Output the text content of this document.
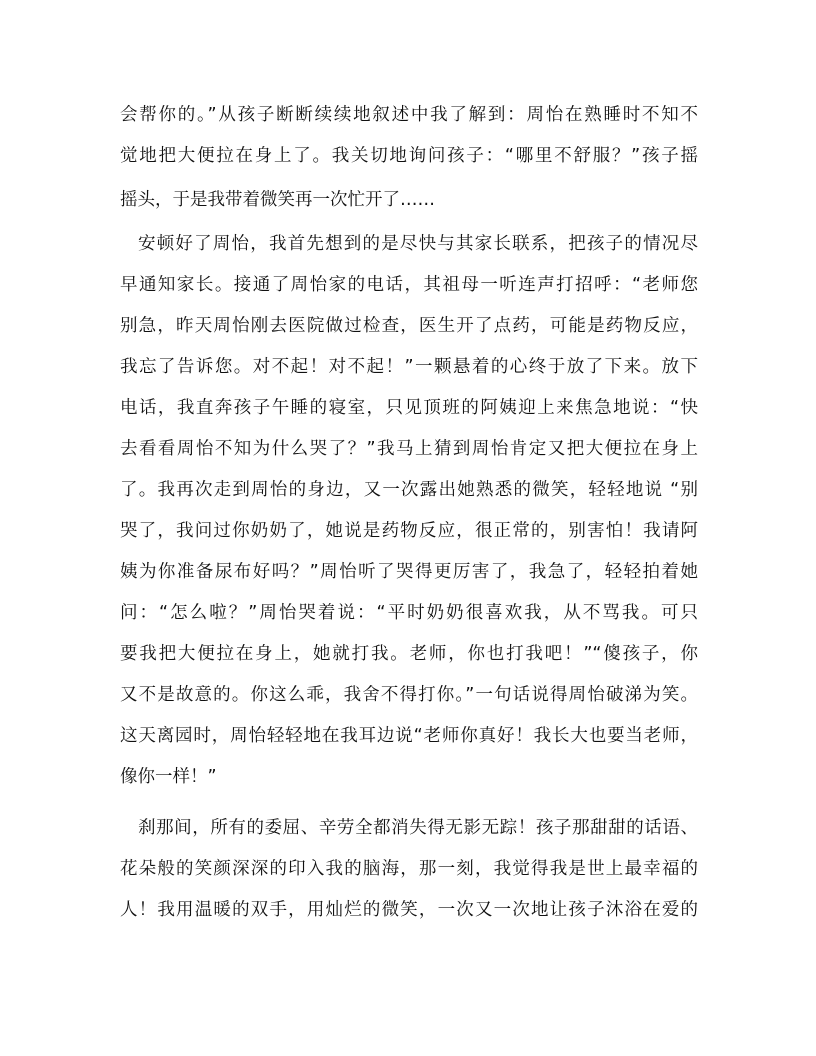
会帮你的。”从孩子断断续续地叙述中我了解到：周怡在熟睡时不知不
觉地把大便拉在身上了。我关切地询问孩子：“哪里不舒服？”孩子摇
摇头，于是我带着微笑再一次忙开了……
安顿好了周怡，我首先想到的是尽快与其家长联系，把孩子的情况尽
早通知家长。接通了周怡家的电话，其祖母一听连声打招呼：“老师您
别急，昨天周怡刚去医院做过检查，医生开了点药，可能是药物反应，
我忘了告诉您。对不起！对不起！”一颗悬着的心终于放了下来。放下
电话，我直奔孩子午睡的寝室，只见顶班的阿姨迎上来焦急地说：“快
去看看周怡不知为什么哭了？”我马上猜到周怡肯定又把大便拉在身上
了。我再次走到周怡的身边，又一次露出她熟悉的微笑，轻轻地说 “别
哭了，我问过你奶奶了，她说是药物反应，很正常的，别害怕！我请阿
姨为你准备尿布好吗？”周怡听了哭得更厉害了，我急了，轻轻拍着她
问：“怎么啦？”周怡哭着说：“平时奶奶很喜欢我，从不骂我。可只
要我把大便拉在身上，她就打我。老师，你也打我吧！”“傻孩子，你
又不是故意的。你这么乖，我舍不得打你。”一句话说得周怡破涕为笑。
这天离园时，周怡轻轻地在我耳边说“老师你真好！我长大也要当老师，
像你一样！”
刹那间，所有的委屈、辛劳全都消失得无影无踪！孩子那甜甜的话语、
花朵般的笑颜深深的印入我的脑海，那一刻，我觉得我是世上最幸福的
人！我用温暖的双手，用灿烂的微笑，一次又一次地让孩子沐浴在爱的
